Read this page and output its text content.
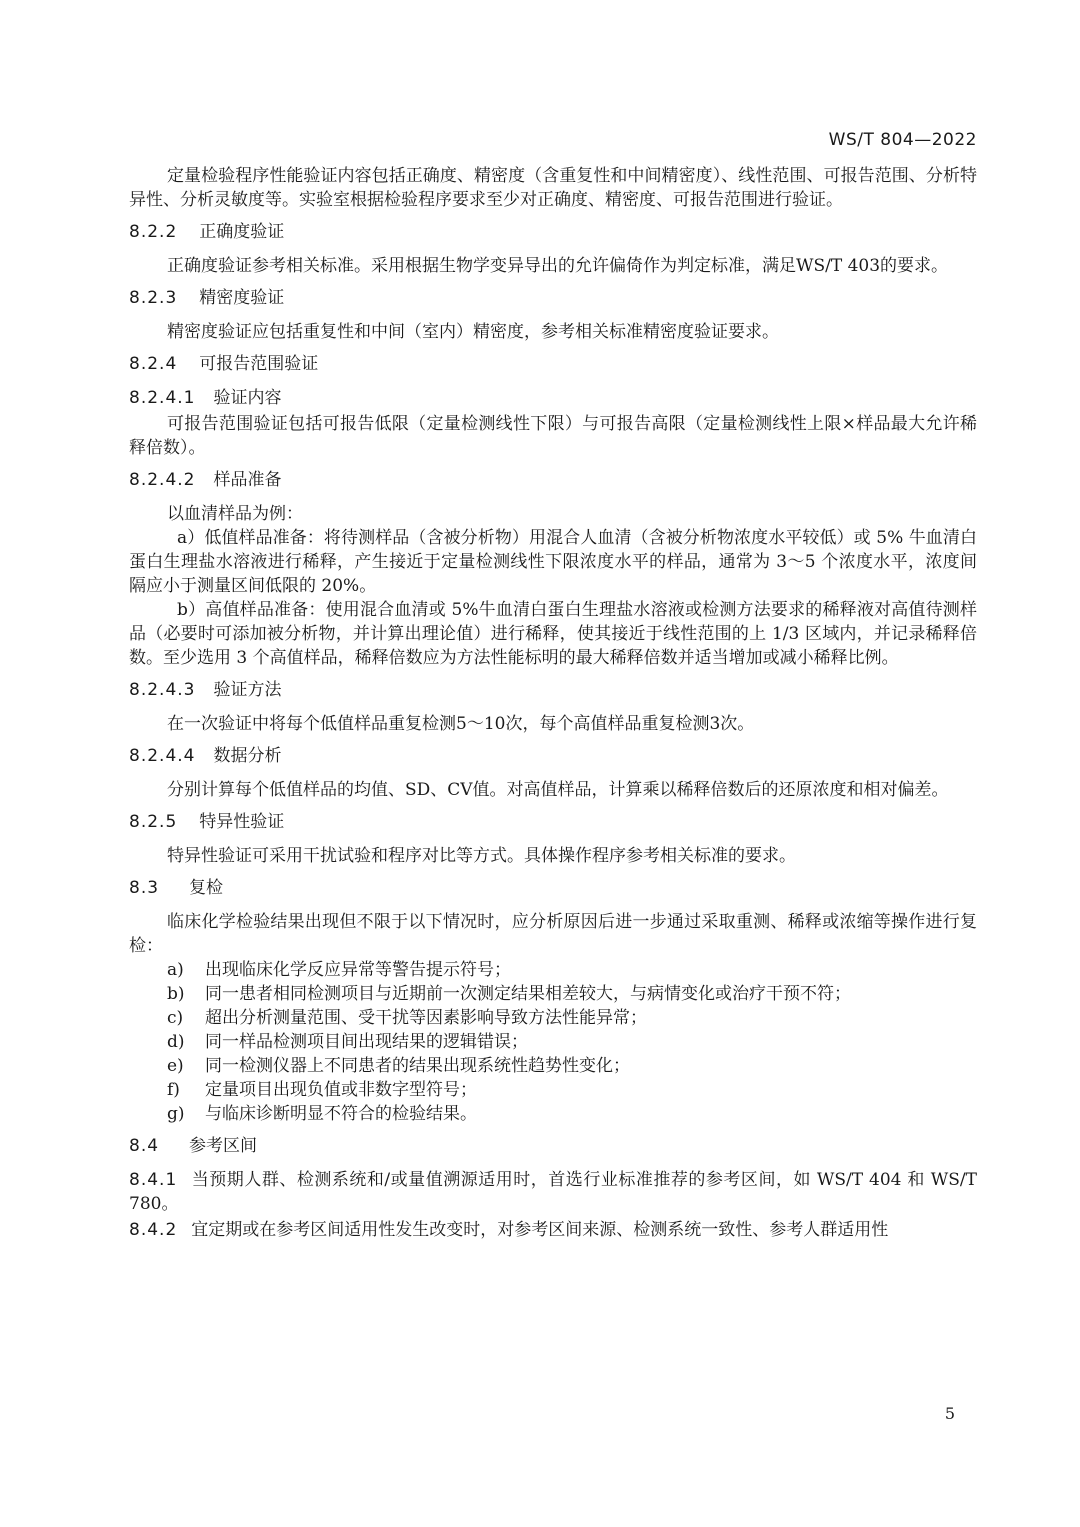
WS/T 804—2022

定量检验程序性能验证内容包括正确度、精密度（含重复性和中间精密度）、线性范围、可报告范围、分析特异性、分析灵敏度等。实验室根据检验程序要求至少对正确度、精密度、可报告范围进行验证。

8.2.2 正确度验证

正确度验证参考相关标准。采用根据生物学变异导出的允许偏倚作为判定标准，满足WS/T 403的要求。

8.2.3 精密度验证

精密度验证应包括重复性和中间（室内）精密度，参考相关标准精密度验证要求。

8.2.4 可报告范围验证
8.2.4.1 验证内容

可报告范围验证包括可报告低限（定量检测线性下限）与可报告高限（定量检测线性上限×样品最大允许稀释倍数）。

8.2.4.2 样品准备

以血清样品为例：

a）低值样品准备：将待测样品（含被分析物）用混合人血清（含被分析物浓度水平较低）或 5% 牛血清白蛋白生理盐水溶液进行稀释，产生接近于定量检测线性下限浓度水平的样品，通常为 3～5 个浓度水平，浓度间隔应小于测量区间低限的 20%。

b）高值样品准备：使用混合血清或 5%牛血清白蛋白生理盐水溶液或检测方法要求的稀释液对高值待测样品（必要时可添加被分析物，并计算出理论值）进行稀释，使其接近于线性范围的上 1/3 区域内，并记录稀释倍数。至少选用 3 个高值样品，稀释倍数应为方法性能标明的最大稀释倍数并适当增加或减小稀释比例。

8.2.4.3 验证方法

在一次验证中将每个低值样品重复检测5～10次，每个高值样品重复检测3次。

8.2.4.4 数据分析

分别计算每个低值样品的均值、SD、CV值。对高值样品，计算乘以稀释倍数后的还原浓度和相对偏差。

8.2.5 特异性验证

特异性验证可采用干扰试验和程序对比等方式。具体操作程序参考相关标准的要求。

8.3 复检

临床化学检验结果出现但不限于以下情况时，应分析原因后进一步通过采取重测、稀释或浓缩等操作进行复检：

a)	出现临床化学反应异常等警告提示符号；
b)	同一患者相同检测项目与近期前一次测定结果相差较大，与病情变化或治疗干预不符；
c)	超出分析测量范围、受干扰等因素影响导致方法性能异常；
d)	同一样品检测项目间出现结果的逻辑错误；
e)	同一检测仪器上不同患者的结果出现系统性趋势性变化；
f)	定量项目出现负值或非数字型符号；
g)	与临床诊断明显不符合的检验结果。
8.4 参考区间

8.4.1 当预期人群、检测系统和/或量值溯源适用时，首选行业标准推荐的参考区间，如 WS/T 404 和 WS/T 780。

8.4.2 宜定期或在参考区间适用性发生改变时，对参考区间来源、检测系统一致性、参考人群适用性

5
